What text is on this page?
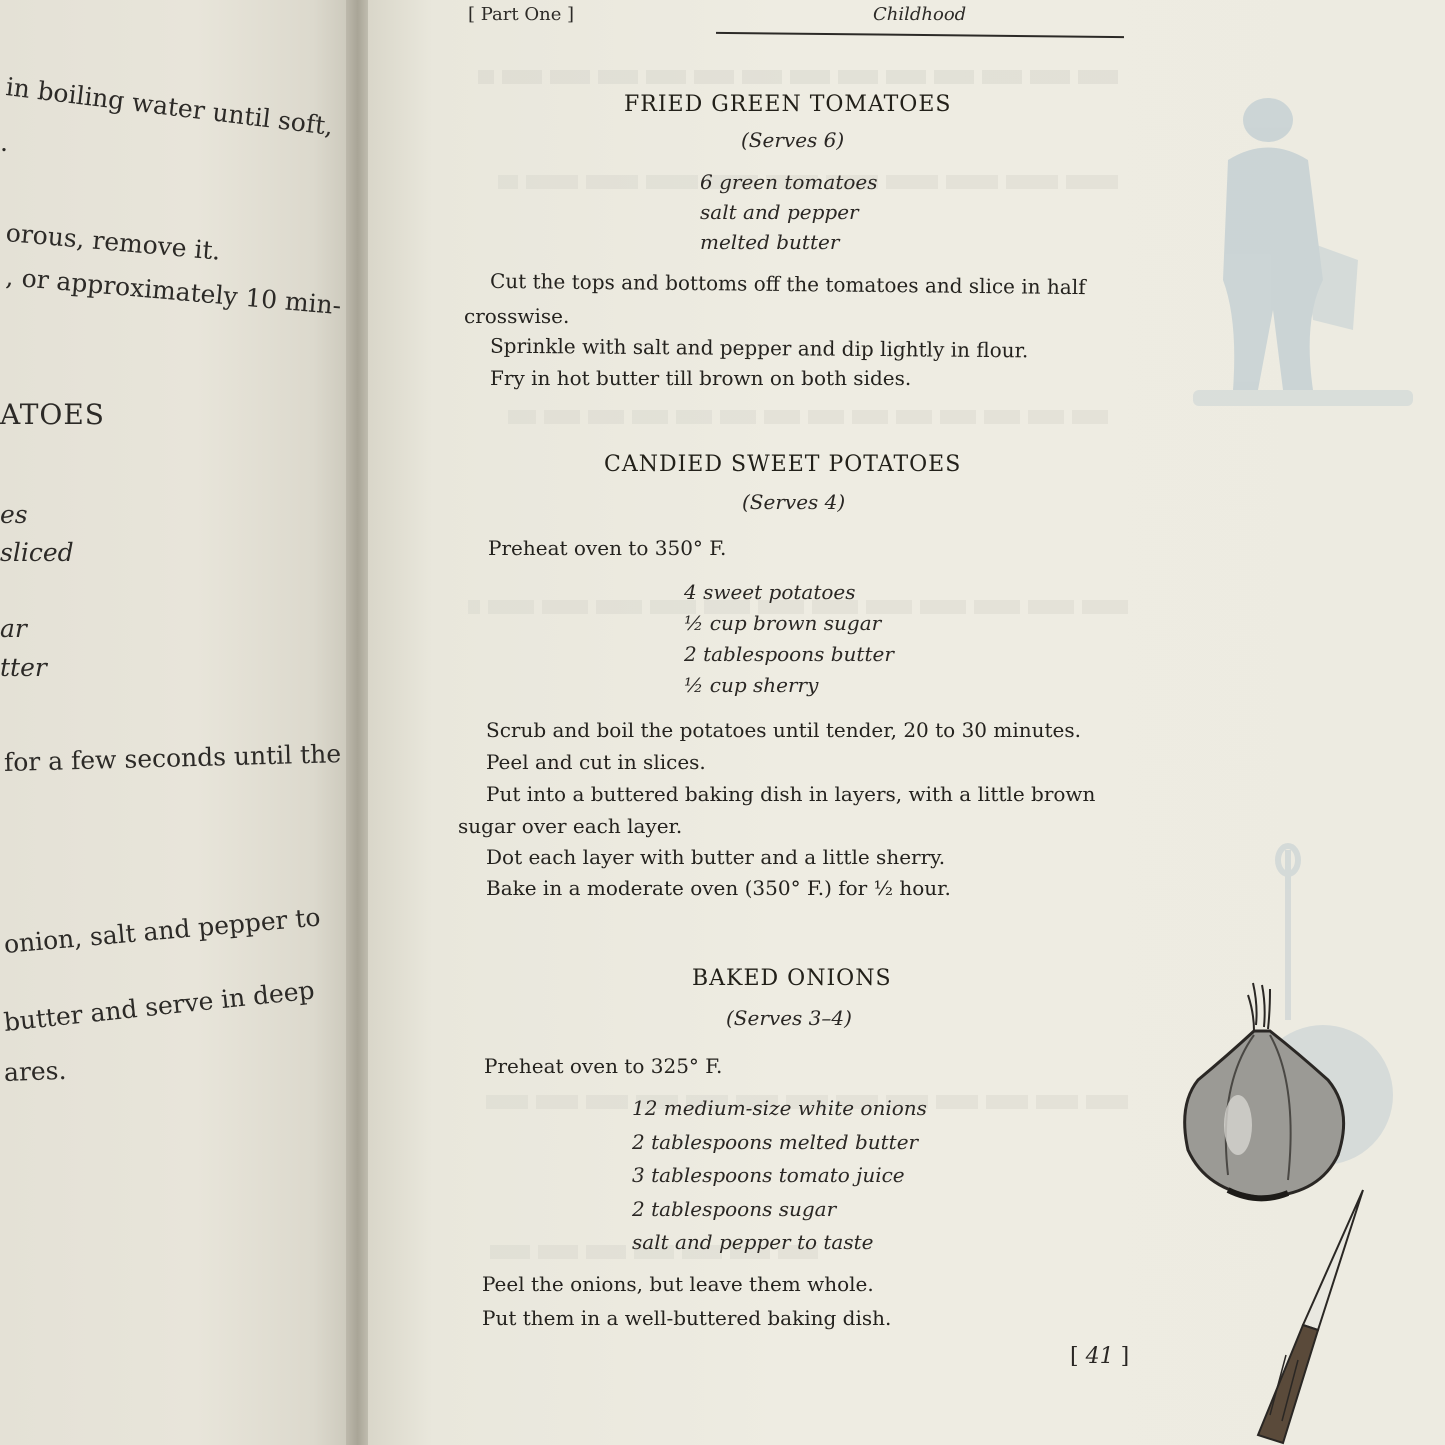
in boiling water until soft,
.
orous, remove it.
, or approximately 10 min-
ATOES
es
sliced
ar
tter
for a few seconds until the
onion, salt and pepper to
butter and serve in deep
ares.
[ Part One ]	Childhood
FRIED GREEN TOMATOES
(Serves 6)
6 green tomatoes
salt and pepper
melted butter
Cut the tops and bottoms off the tomatoes and slice in half
crosswise.
Sprinkle with salt and pepper and dip lightly in flour.
Fry in hot butter till brown on both sides.
CANDIED SWEET POTATOES
(Serves 4)
Preheat oven to 350° F.
4 sweet potatoes
½ cup brown sugar
2 tablespoons butter
½ cup sherry
Scrub and boil the potatoes until tender, 20 to 30 minutes.
Peel and cut in slices.
Put into a buttered baking dish in layers, with a little brown
sugar over each layer.
Dot each layer with butter and a little sherry.
Bake in a moderate oven (350° F.) for ½ hour.
BAKED ONIONS
(Serves 3–4)
Preheat oven to 325° F.
12 medium-size white onions
2 tablespoons melted butter
3 tablespoons tomato juice
2 tablespoons sugar
salt and pepper to taste
Peel the onions, but leave them whole.
Put them in a well-buttered baking dish.
[ 41 ]
